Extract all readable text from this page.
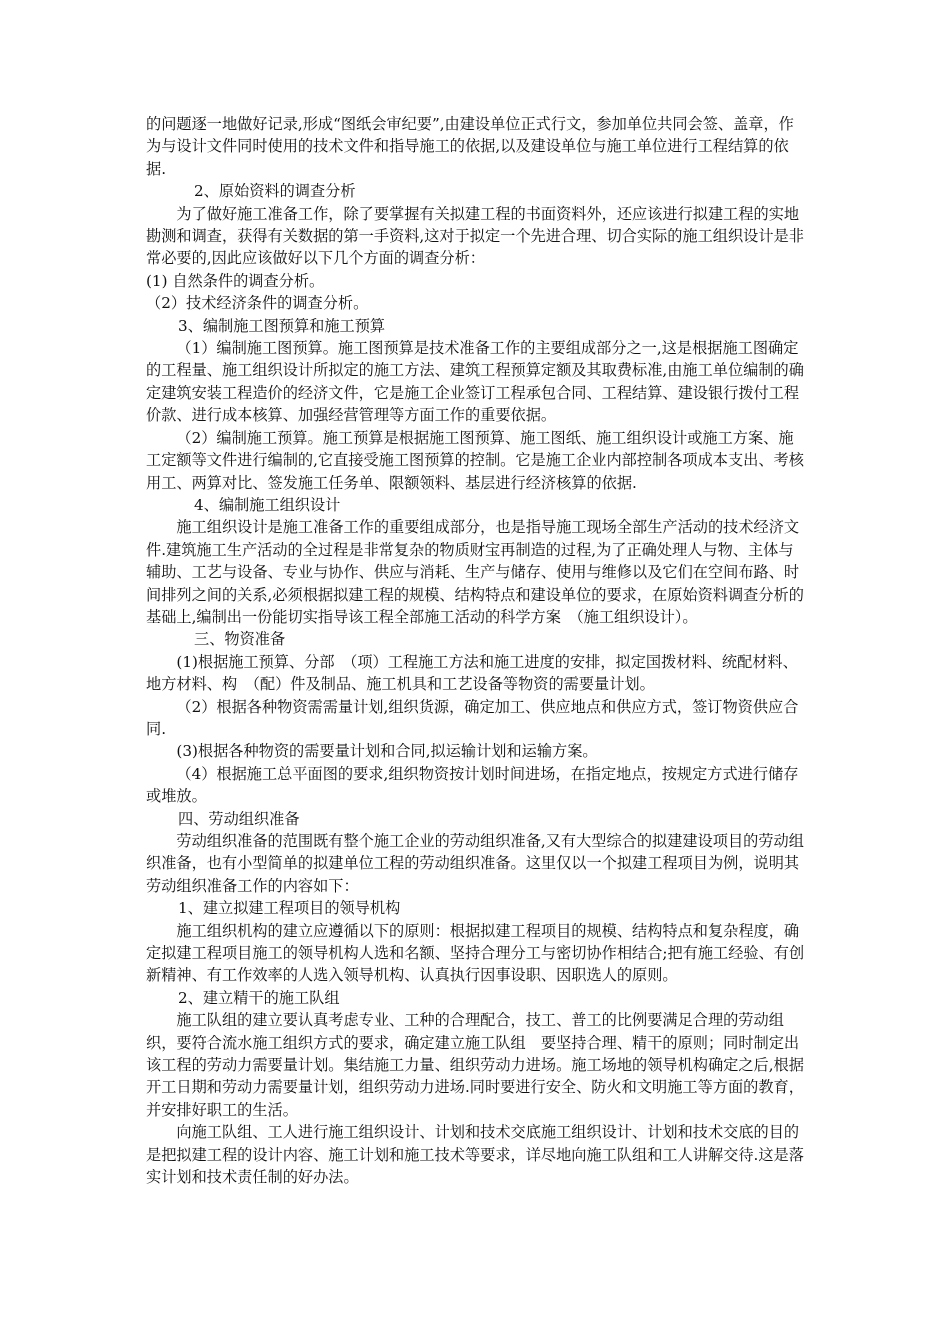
的问题逐一地做好记录,形成“图纸会审纪要”,由建设单位正式行文，参加单位共同会签、盖章，作为与设计文件同时使用的技术文件和指导施工的依据,以及建设单位与施工单位进行工程结算的依据.

2、原始资料的调查分析

为了做好施工准备工作，除了要掌握有关拟建工程的书面资料外，还应该进行拟建工程的实地勘测和调查，获得有关数据的第一手资料,这对于拟定一个先进合理、切合实际的施工组织设计是非常必要的,因此应该做好以下几个方面的调查分析：

(1) 自然条件的调查分析。

（2）技术经济条件的调查分析。

3、编制施工图预算和施工预算

（1）编制施工图预算。施工图预算是技术准备工作的主要组成部分之一,这是根据施工图确定的工程量、施工组织设计所拟定的施工方法、建筑工程预算定额及其取费标准,由施工单位编制的确定建筑安装工程造价的经济文件，它是施工企业签订工程承包合同、工程结算、建设银行拨付工程价款、进行成本核算、加强经营管理等方面工作的重要依据。

（2）编制施工预算。施工预算是根据施工图预算、施工图纸、施工组织设计或施工方案、施工定额等文件进行编制的,它直接受施工图预算的控制。它是施工企业内部控制各项成本支出、考核用工、两算对比、签发施工任务单、限额领料、基层进行经济核算的依据.

4、编制施工组织设计

施工组织设计是施工准备工作的重要组成部分，也是指导施工现场全部生产活动的技术经济文件.建筑施工生产活动的全过程是非常复杂的物质财宝再制造的过程,为了正确处理人与物、主体与辅助、工艺与设备、专业与协作、供应与消耗、生产与储存、使用与维修以及它们在空间布路、时间排列之间的关系,必须根据拟建工程的规模、结构特点和建设单位的要求，在原始资料调查分析的基础上,编制出一份能切实指导该工程全部施工活动的科学方案　（施工组织设计）。

三、物资准备

(1)根据施工预算、分部　（项）工程施工方法和施工进度的安排，拟定国拨材料、统配材料、地方材料、构　（配）件及制品、施工机具和工艺设备等物资的需要量计划。

（2）根据各种物资需需量计划,组织货源，确定加工、供应地点和供应方式，签订物资供应合同.

(3)根据各种物资的需要量计划和合同,拟运输计划和运输方案。

（4）根据施工总平面图的要求,组织物资按计划时间进场，在指定地点，按规定方式进行储存或堆放。

四、劳动组织准备

劳动组织准备的范围既有整个施工企业的劳动组织准备,又有大型综合的拟建建设项目的劳动组织准备，也有小型简单的拟建单位工程的劳动组织准备。这里仅以一个拟建工程项目为例，说明其劳动组织准备工作的内容如下：

1、建立拟建工程项目的领导机构

施工组织机构的建立应遵循以下的原则：根据拟建工程项目的规模、结构特点和复杂程度，确定拟建工程项目施工的领导机构人选和名额、坚持合理分工与密切协作相结合;把有施工经验、有创新精神、有工作效率的人选入领导机构、认真执行因事设职、因职选人的原则。

2、建立精干的施工队组

施工队组的建立要认真考虑专业、工种的合理配合，技工、普工的比例要满足合理的劳动组织，要符合流水施工组织方式的要求，确定建立施工队组　要坚持合理、精干的原则；同时制定出该工程的劳动力需要量计划。集结施工力量、组织劳动力进场。施工场地的领导机构确定之后,根据开工日期和劳动力需要量计划，组织劳动力进场.同时要进行安全、防火和文明施工等方面的教育，并安排好职工的生活。

向施工队组、工人进行施工组织设计、计划和技术交底施工组织设计、计划和技术交底的目的是把拟建工程的设计内容、施工计划和施工技术等要求，详尽地向施工队组和工人讲解交待.这是落实计划和技术责任制的好办法。
